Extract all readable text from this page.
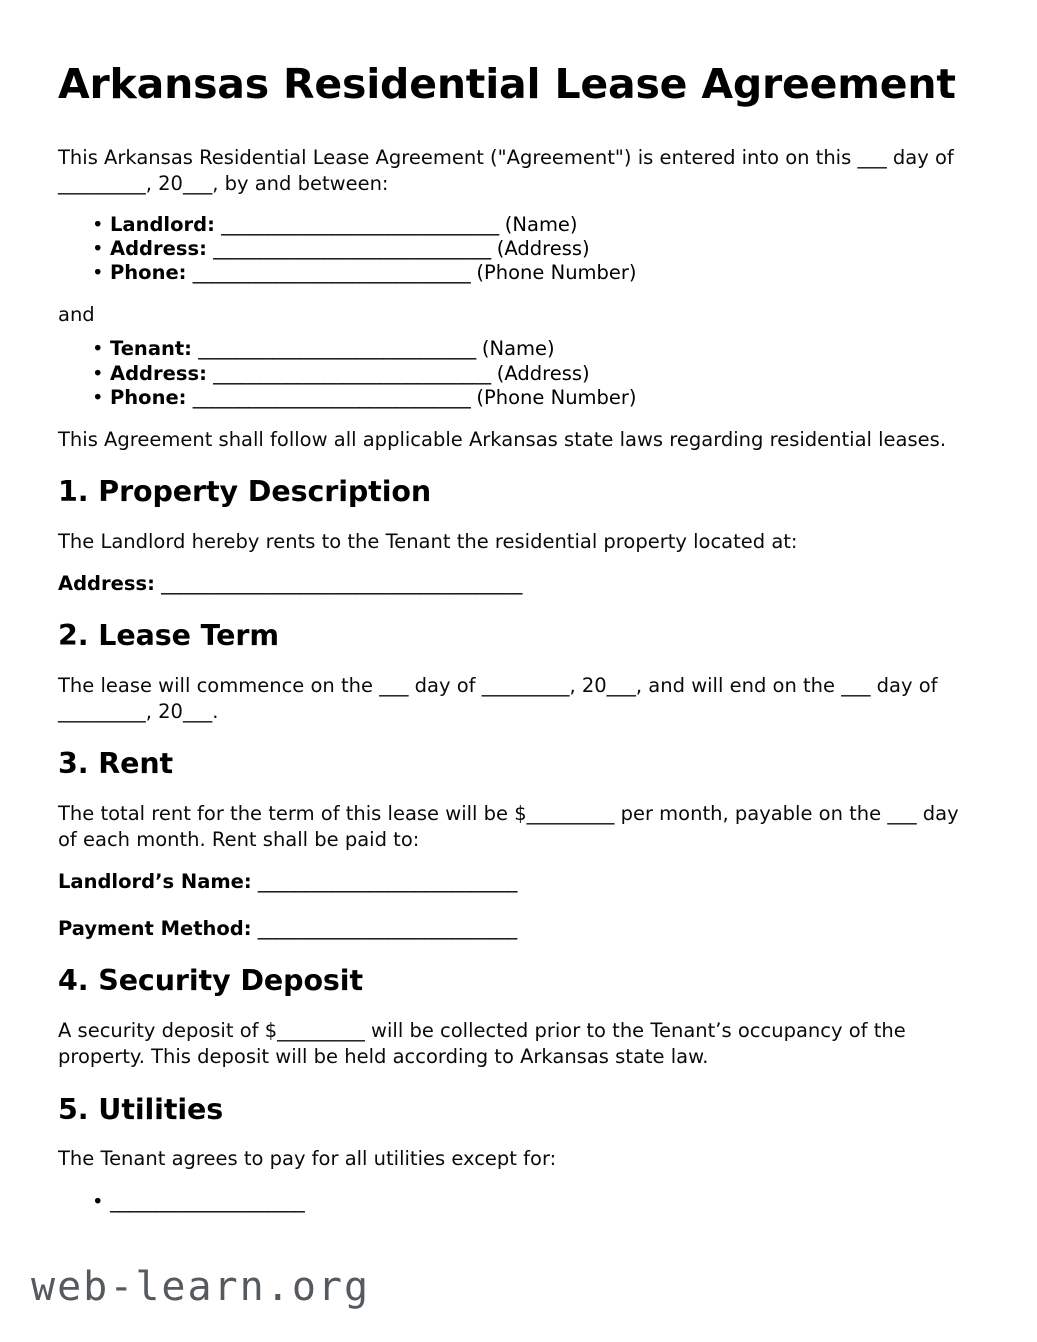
Arkansas Residential Lease Agreement

This Arkansas Residential Lease Agreement ("Agreement") is entered into on this ___ day of _________, 20___, by and between:

• Landlord: ______________________________ (Name)
• Address: ______________________________ (Address)
• Phone: ______________________________ (Phone Number)

and

• Tenant: ______________________________ (Name)
• Address: ______________________________ (Address)
• Phone: ______________________________ (Phone Number)

This Agreement shall follow all applicable Arkansas state laws regarding residential leases.

1. Property Description

The Landlord hereby rents to the Tenant the residential property located at:

Address: _______________________________________

2. Lease Term

The lease will commence on the ___ day of _________, 20___, and will end on the ___ day of _________, 20___.

3. Rent

The total rent for the term of this lease will be $_________ per month, payable on the ___ day of each month. Rent shall be paid to:

Landlord’s Name: ____________________________

Payment Method: ____________________________

4. Security Deposit

A security deposit of $_________ will be collected prior to the Tenant’s occupancy of the property. This deposit will be held according to Arkansas state law.

5. Utilities

The Tenant agrees to pay for all utilities except for:

• _____________________
web-learn.org
